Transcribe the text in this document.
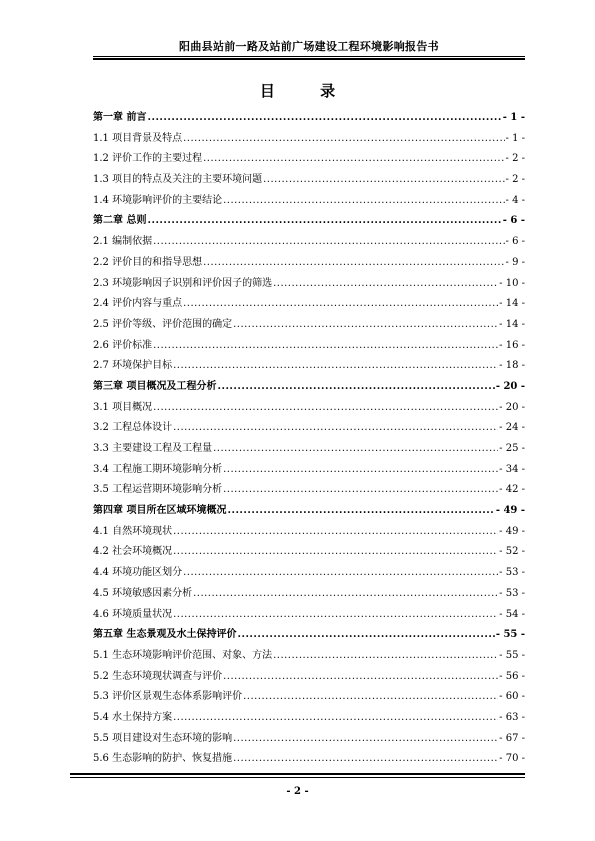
阳曲县站前一路及站前广场建设工程环境影响报告书
目 录
第一章 前言 .....	- 1 -
1.1 项目背景及特点 .....	- 1 -
1.2 评价工作的主要过程 .....	- 2 -
1.3 项目的特点及关注的主要环境问题 .....	- 2 -
1.4 环境影响评价的主要结论 .....	- 4 -
第二章 总则 .....	- 6 -
2.1 编制依据 .....	- 6 -
2.2 评价目的和指导思想 .....	- 9 -
2.3 环境影响因子识别和评价因子的筛选 .....	- 10 -
2.4 评价内容与重点 .....	- 14 -
2.5 评价等级、评价范围的确定 .....	- 14 -
2.6 评价标准 .....	- 16 -
2.7 环境保护目标 .....	- 18 -
第三章 项目概况及工程分析 .....	- 20 -
3.1 项目概况 .....	- 20 -
3.2 工程总体设计 .....	- 24 -
3.3 主要建设工程及工程量 .....	- 25 -
3.4 工程施工期环境影响分析 .....	- 34 -
3.5 工程运营期环境影响分析 .....	- 42 -
第四章 项目所在区域环境概况 .....	- 49 -
4.1 自然环境现状 .....	- 49 -
4.2 社会环境概况 .....	- 52 -
4.4 环境功能区划分 .....	- 53 -
4.5 环境敏感因素分析 .....	- 53 -
4.6 环境质量状况 .....	- 54 -
第五章 生态景观及水土保持评价 .....	- 55 -
5.1 生态环境影响评价范围、对象、方法 .....	- 55 -
5.2 生态环境现状调查与评价 .....	- 56 -
5.3 评价区景观生态体系影响评价 .....	- 60 -
5.4 水土保持方案 .....	- 63 -
5.5 项目建设对生态环境的影响 .....	- 67 -
5.6 生态影响的防护、恢复措施 .....	- 70 -
- 2 -
